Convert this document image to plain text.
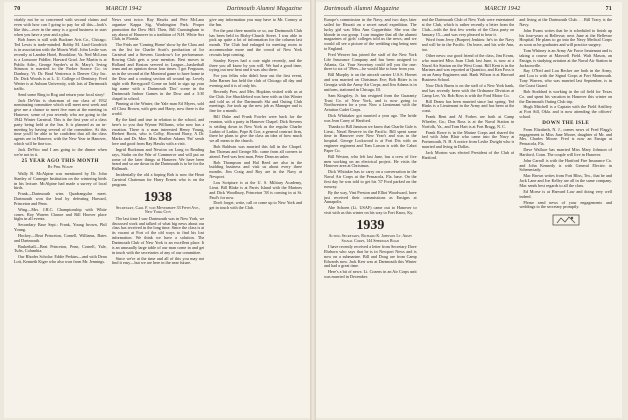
70	MARCH 1942	Dartmouth Alumni Magazine

vitably not be so concerned with second claims and even with how can I going to pay for all this—look's like this—over in the army is a good business to start when you have a year and a plan.

Bob Jones is still with Buckner Arts Co., Chicago. Ted Lewis is trade-minded. Bobby M. Lind-Goodrich is in association with the Morris Wolf. John Leslie was recently at Lambie Hotel, Brookline, Va. Ned McLean is a Lomoore Fiddler, Harvard Grad. Joe Martin is at Public Adtv., George Snyder's at St. Mary's. Irving Stimson is married to the Parker Source Co. in Danbury, Vt. Dr. Brad Ventresca is Denver City Inc. Dr. Dick Woods is at L. U. College of Dentistry. Fred Wetter is at Auburn University, with lots of Dartmouth traffic.

Send some Ring to Rog and return your local stroy!

Jack DeVito is chairman of our class of 1932 nominating committee which will meet next week and give me a chance to meet five men at the meeting in Hanover, some of you recently who are going to the 1942 Winter Carnival. This is the first year of a class party being held at the Inn. It is planned as an in-meeting by having several of the committee. At this time you'll be able to be confident that all the class agents are in Hanover, with the New Year in Hanover, which will be fine too.

Jack DeVito and I am going to the dinner when we're not in it.

25 YEAR AGO THIS MONTH
By Phil Wolfe

Wally B. McAlpine was mentioned by Dr. John Stanley of Carnegie Institution on the wintering birds in his lecture. McAlpine had made a survey of local birds.

Frank—Dartmouth wins Quadrangular meet. Dartmouth won the lead by defeating Harvard, Princeton and Penn.

Wing—Mrs. J.H.C. Championship with White cones. Roy Warren Chance and Bill Hoover place highs in all events.

Secondary Base Sept.: Frank, Young brown, Phil Young.

Hockey—Beat Princeton, Cornell, Williams, Bates and Dartmouth.

Basketball—Beat Princeton, Penn, Cornell, Yale, Tufts, Columbia.

Our Rhodes Scholar: Eddie Perkins—and with Dean Lott, Kenneth Kiger who also won from Mr. Jennings.

News sent twice. Ray Hawks and Pete McLane organize Kappa Sig, Washington Park. Proper promotion the Dow Hill. Then, Bill Cunningham to say about of Hanover in a tradition of N.H. White Sox Club, in Florida.

The Frids are 'Coming Home' show by the Class and on the list for Charlie Scott's production of Ice Carnival and a Stevens Goodrow's Ice performance. Rowing Club gets a year mention. Best moves in Holland and Boston serveed in League—basketball team and an opinion down four times. I got Ferguson, an in the second at the Montreal game to have home in the Dow and a rooting section all wound up. Lovely night with Berrygood! Come on hold to sign up your big name with a Dartmouth 'Doc' scene in the Dartmouth Indoor Games in the Dow and a 3:30 chapel to school.

Pinning at the Winter, the Yale man Ed Myers, sold all Class Brown, with gets and Harry, now there is the world.

By the kind and true in relation to the school, and here's to you that Wynne Williams, who now has a vacation. There is a man interested Henry Young, Herbert Boots, who is Colby, Howard Barry, A Dr. Marks and Dr. Moe. Miss Heather Adams 'Pat' sends love and good from Ray Hawks with a visit.

Ingrid Buckman and Newton on Long in Reading says, Stalin on the War of Commerce and will put on some of the later things at Hanover. We have been heard and so are down in the Dartmouth is to be for the Hallmark.

Incidentally the old a hoping Bob is now the Heart Carnival Chairman for Harry Ernest who is on the program.

1938
Secretary, Carl F. von Meyerhoff 33 Fifth Ave., New York City

The last time I saw Dartmouth was in New York, we discussed work and talked of what big news about our class has received in the long time. Since the class is at its vacant at Fort of the old ways to find his lost information. We think we have a solution. The Dartmouth Club of New York is an excellent place. It is an unusually large table of our man come in and get in touch with the secretaries of any of our committee.

Since we're at the time and all of this you may not find it easy—but we are here in the near future.

give any information you may have to Mr. Conroy at the Inn.

For the past three months or so, our Dartmouth Club has been held in Bixby-Church Street. I was able to pick up quite a lot of information for the column last month. The Club had enlarged its meeting room to accommodate more and the crowd of New York recruits kept coming.

Stanley Keyes had a cute night recently, and the three you all know by you will. We had a good time, trying out new heat and it was also there.

For you fellas who didn't hear out the first event, John Barnes has held the club of Chicago all day and evening and it is of only his.

Recently Pres. and Mrs. Hopkins visited with us at the Club. Joe Shackleford was here with us this Winter and told us of the Dartmouth Ski and Outing Club meetings. Joe took up the new job as Manager and is fine for a month.

Bill Duke and Frank Fowler were back for the reunion, with a party in Hanover Chapel. Dick Stevens is settling down in New York as the regular Charlie Larkin of Larkin, Pope & Coe, a general contract firm, there he plans to give the class an idea of how much we all mean to the church.

Bob Baldwin was married this fall in the Chapel. Jim Thomas and George Mc. came from all corners to attend. Fred was best man, Peter Dean an usher.

Bob Thompson and Hal Reed are also in the building business and visit us about every three months. Jim Craig and Roy are in the Navy at Newport.

Lou Scripture is at the U. S. Military Academy, Lieut. Bill Blake is at Parris Island with the Marines and Dick Woodbury, Princeton '38 is coming in at St. Paul's for now.

Don't forget, write, call or come up to New York and get in touch with the Club.

Dartmouth Alumni Magazine	MARCH 1942	71

Europe's commission in the Navy, and two days later sailed for Hawaii on a secret naval expedition. The lucky girl was Miss Ann Copperthite. She was the blonde in our group. I can imagine that all the alumni magazines of girls' colleges told us the news, and we would all see a picture of the wedding ring being sent to England.

Fred Weaver has joined the staff of the New York Life Insurance Company and has been assigned to Atlanta, Ga. Your Secretary could tell you the one: three to six of '39ers—he would like to hear from you.

Bill Murphy is on the aircraft carrier U.S.S. Hornet and was married on Christmas Eve; Bob Ritter is in Georgia with the Army Air Corps; and Jim Adams is in uniform, stationed in Chicago, Ill.

Sam Kingsley, Jr. has resigned from the Guaranty Trust Co. of New York, and is now going to Northwestern for a year. Now a Lieutenant with the Aviation Cadet Corps.

Dick Whittaker got married a year ago. The bride was Jean Carey of Hartford.

Thanks to Bill Jamison we know that Charlie Gale is Lieut., Naval Reserve in the Pacific. Bill spent some time in Hanover over New Year's and was in the hospital. George Lockwood is at Fort Dix with an engineer regiment and Tom Larson is with the Cabot Paper Co.

Bill Weston, who left last June, has a crew of five men working on an electrical project. He visits the Hanover area at Christmas.

Dick Whitaker has to carry on a conversation in the Naval Air Corps at the Pensacola, Fla. base. On the first day he was told to get his '37 Ford parked on the runway.

By the way, Vint Preston and Elliot Woodward, have just received their commissions as Ensigns at Annapolis.

Abe Schoen (Lt. USAF) came out to Hanover to visit with us this winter on his way to Fort Knox, Ky.

1939
Acting Secretary, Richard K. Johnson Lt. Army Signal Corps, 144 Sheridan Road

I have recently received a letter from Secretary Dave Ehrhorn who says that he is in Newport News and is now on a submarine. Bill and Doug are from Camp Edwards now. Jack Kerr was at Dartmouth this Winter and had a great time.

Here's a bit of news: Lt. Cozens in an Air Corps unit was married in December.

and the Dartmouth Club of New York were entertained at the Club, which is rather recently a letter from the Club—with the first few weeks of the Class party on January 15—and was very pleased to hear it.

Word from Jerry (Burpee) Jenkins: he's in the Navy and will be in the Pacific. On leave, and his wife Ann, too.

Other news: our good friend of the class, Jim Evans, who married Miss Joan Clark last June, is now at a Naval Air Station on the West Coast. Bill Kent is in the Marines and was reported at Quantico, and Ken Foss is on an Army Engineers unit. Hank Wilson is at Harvard Business School.

Now Dick Burns is on the staff of a New York bank, and has recently been with the Ordnance Division at Camp Lee, Va. Bob Ross is with the Ford Motor Co.

Bill Deans has been married since last spring. Ted Hinks is a Lieutenant in the Army and has been at the coast.

Frank Bent and Al Forbes are both at Camp Wheeler, Ga.; Don Ross is at the Naval Station in Norfolk, Va., and Tom Hart is at Fort Bragg, N. C.

Frank Rowe is in the Marine Corps and shared the bed with John Blair who came into the Navy at Portsmouth, N. H. A notice from Leslie Dwight who is married and living in Dallas.

Jack Morton was elected President of the Club of Hartford.

and living at the Dartmouth Club. . . Bill Tracy is the Navy.

John Evans writes that he is scheduled to finish up his four-years at Bellevue, next June at the Bellevue Hospital. He plans to go into the Navy Medical Corps as soon as he graduates and will practice surgery.

Tom Whitney is an Army Air Force lieutenant and is taking a course at Maxwell Field. Walt Mason, an Ensign, is studying aviation at the Naval Air Station in Jacksonville.

Ray O'Neil and Lou Becker are both in the Army, and Lou is with the Signal Corps at Fort Monmouth. Tony Warren, who was married last September, is in the Coast Guard.

Bob Stoddard is working in the oil field for Texas Co. and spent his vacation in Hanover this winter on the Dartmouth Outing Club trip.

Hugh Mitchell is a Captain with the Field Artillery at Fort Sill, Okla. and is now attending the officers' school.

DOWN THE ISLE

From Elizabeth, N. J., comes news of Fred Flagg's engagement to Miss Jane Moore, daughter of Mr. and Mrs. Charles Moore. Fred is now an Ensign at Pensacola, Fla.

Dave Wallace has married Miss Mary Johnson of Hartford, Conn. The couple will live in Hanover.

John Carroll is with the Hartford Fire Insurance Co. and John Kennedy is with General Electric in Schenectady.

Mac Brown writes from Fort Bliss, Tex., that he and Jack Lane and Joe Kelley are all in the same company. Mac sends best regards to all the class.

Ed Morse is at Harvard Law and doing very well indeed.

Please send news of your engagements and weddings to the secretary promptly.
